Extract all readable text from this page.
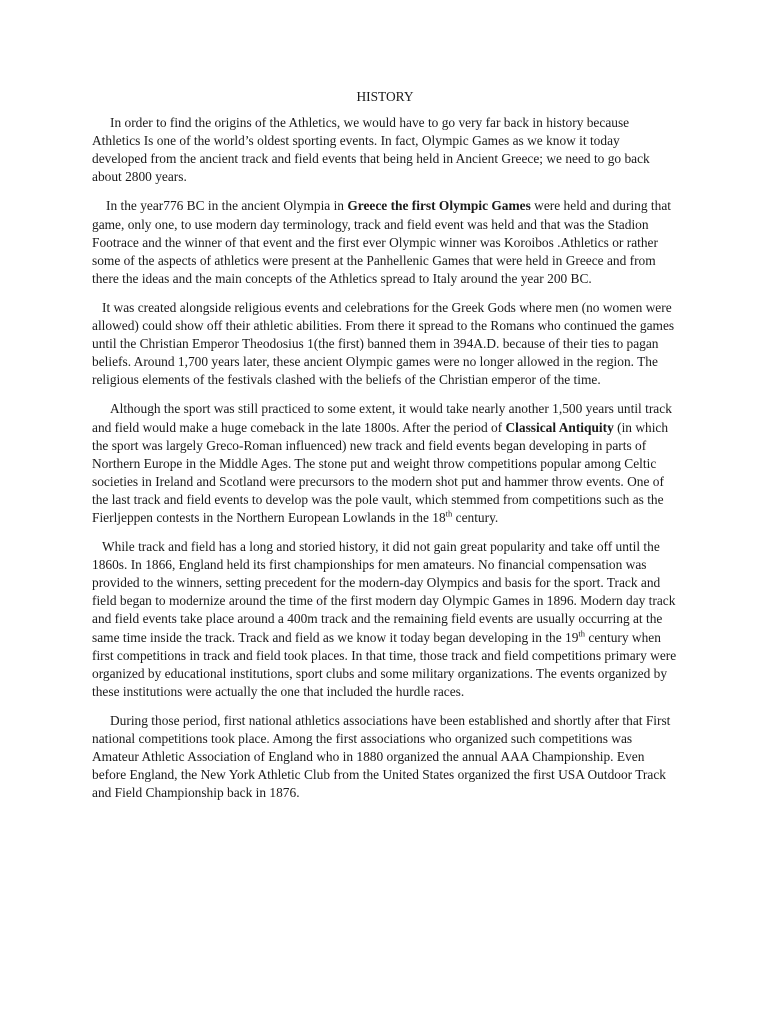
HISTORY

In order to find the origins of the Athletics, we would have to go very far back in history because Athletics Is one of the world’s oldest sporting events. In fact, Olympic Games as we know it today developed from the ancient track and field events that being held in Ancient Greece; we need to go back about 2800 years.

In the year776 BC in the ancient Olympia in Greece the first Olympic Games were held and during that game, only one, to use modern day terminology, track and field event was held and that was the Stadion Footrace and the winner of that event and the first ever Olympic winner was Koroibos .Athletics or rather some of the aspects of athletics were present at the Panhellenic Games that were held in Greece and from there the ideas and the main concepts of the Athletics spread to Italy around the year 200 BC.

It was created alongside religious events and celebrations for the Greek Gods where men (no women were allowed) could show off their athletic abilities. From there it spread to the Romans who continued the games until the Christian Emperor Theodosius 1(the first) banned them in 394A.D. because of their ties to pagan beliefs. Around 1,700 years later, these ancient Olympic games were no longer allowed in the region. The religious elements of the festivals clashed with the beliefs of the Christian emperor of the time.

Although the sport was still practiced to some extent, it would take nearly another 1,500 years until track and field would make a huge comeback in the late 1800s. After the period of Classical Antiquity (in which the sport was largely Greco-Roman influenced) new track and field events began developing in parts of Northern Europe in the Middle Ages. The stone put and weight throw competitions popular among Celtic societies in Ireland and Scotland were precursors to the modern shot put and hammer throw events. One of the last track and field events to develop was the pole vault, which stemmed from competitions such as the Fierljeppen contests in the Northern European Lowlands in the 18th century.

While track and field has a long and storied history, it did not gain great popularity and take off until the 1860s. In 1866, England held its first championships for men amateurs. No financial compensation was provided to the winners, setting precedent for the modern-day Olympics and basis for the sport. Track and field began to modernize around the time of the first modern day Olympic Games in 1896. Modern day track and field events take place around a 400m track and the remaining field events are usually occurring at the same time inside the track. Track and field as we know it today began developing in the 19th century when first competitions in track and field took places. In that time, those track and field competitions primary were organized by educational institutions, sport clubs and some military organizations. The events organized by these institutions were actually the one that included the hurdle races.

During those period, first national athletics associations have been established and shortly after that First national competitions took place. Among the first associations who organized such competitions was Amateur Athletic Association of England who in 1880 organized the annual AAA Championship. Even before England, the New York Athletic Club from the United States organized the first USA Outdoor Track and Field Championship back in 1876.
